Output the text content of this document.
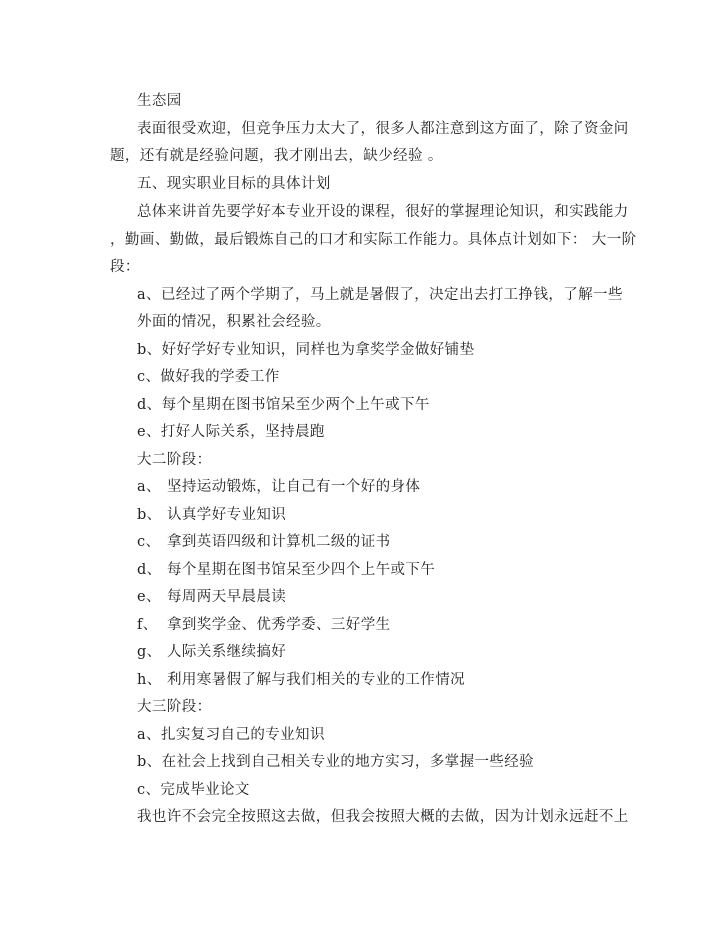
生态园

表面很受欢迎，但竞争压力太大了，很多人都注意到这方面了，除了资金问

题，还有就是经验问题，我才刚出去，缺少经验 。

五、现实职业目标的具体计划

总体来讲首先要学好本专业开设的课程，很好的掌握理论知识，和实践能力

，勤画、勤做，最后锻炼自己的口才和实际工作能力。具体点计划如下： 大一阶

段：

a、已经过了两个学期了，马上就是暑假了，决定出去打工挣钱，了解一些

外面的情况，积累社会经验。

b、好好学好专业知识，同样也为拿奖学金做好铺垫

c、做好我的学委工作

d、每个星期在图书馆呆至少两个上午或下午

e、打好人际关系，坚持晨跑

大二阶段：

a、 坚持运动锻炼，让自己有一个好的身体

b、 认真学好专业知识

c、 拿到英语四级和计算机二级的证书

d、 每个星期在图书馆呆至少四个上午或下午

e、 每周两天早晨晨读

f、 拿到奖学金、优秀学委、三好学生

g、 人际关系继续搞好

h、 利用寒暑假了解与我们相关的专业的工作情况

大三阶段：

a、扎实复习自己的专业知识

b、在社会上找到自己相关专业的地方实习，多掌握一些经验

c、完成毕业论文

我也许不会完全按照这去做，但我会按照大概的去做，因为计划永远赶不上
